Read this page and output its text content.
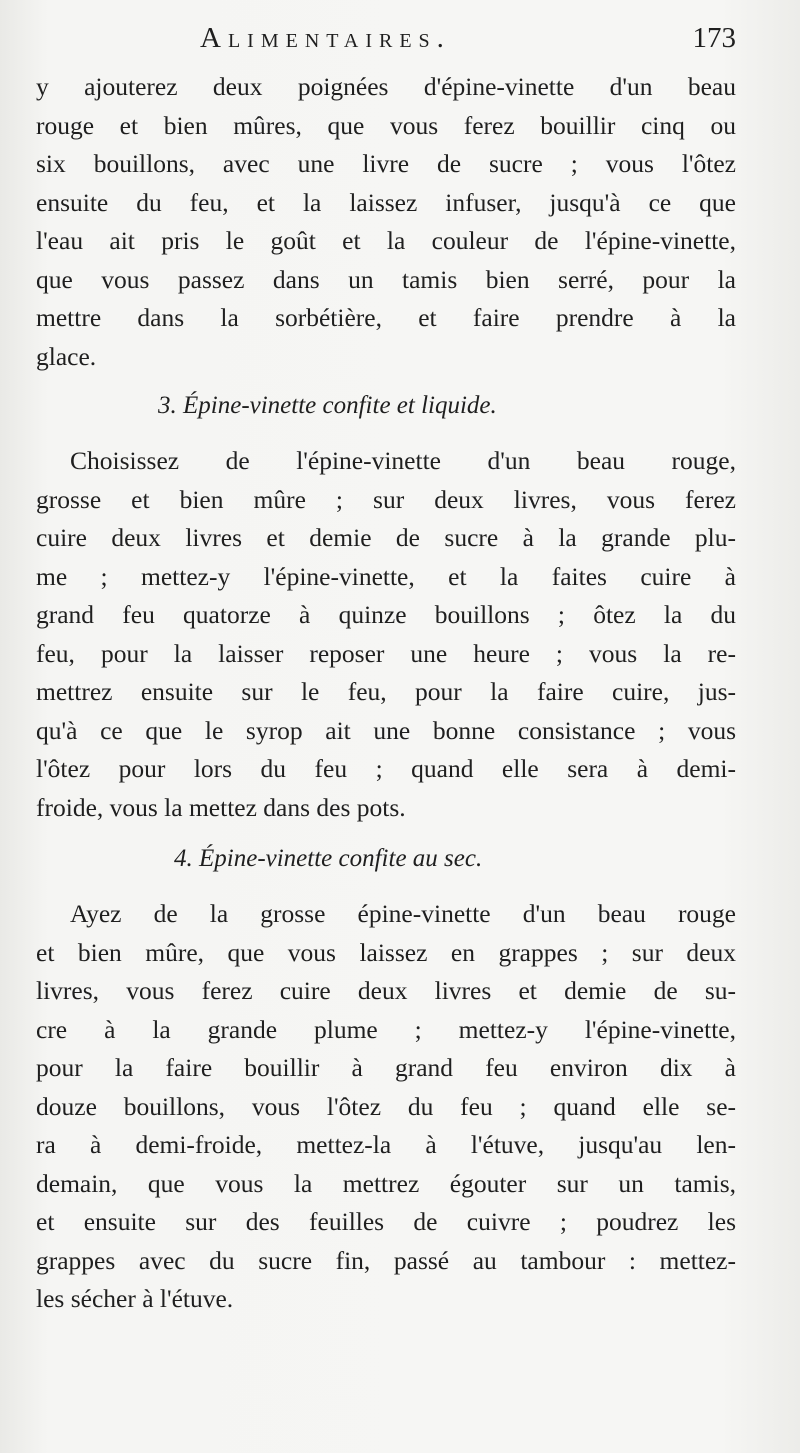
Alimentaires.	173
y ajouterez deux poignées d'épine-vinette d'un beau
rouge et bien mûres, que vous ferez bouillir cinq ou
six bouillons, avec une livre de sucre ; vous l'ôtez
ensuite du feu, et la laissez infuser, jusqu'à ce que
l'eau ait pris le goût et la couleur de l'épine-vinette,
que vous passez dans un tamis bien serré, pour la
mettre dans la sorbétière, et faire prendre à la
glace.
3. Épine-vinette confite et liquide.
Choisissez de l'épine-vinette d'un beau rouge,
grosse et bien mûre ; sur deux livres, vous ferez
cuire deux livres et demie de sucre à la grande plu-
me ; mettez-y l'épine-vinette, et la faites cuire à
grand feu quatorze à quinze bouillons ; ôtez la du
feu, pour la laisser reposer une heure ; vous la re-
mettrez ensuite sur le feu, pour la faire cuire, jus-
qu'à ce que le syrop ait une bonne consistance ; vous
l'ôtez pour lors du feu ; quand elle sera à demi-
froide, vous la mettez dans des pots.
4. Épine-vinette confite au sec.
Ayez de la grosse épine-vinette d'un beau rouge
et bien mûre, que vous laissez en grappes ; sur deux
livres, vous ferez cuire deux livres et demie de su-
cre à la grande plume ; mettez-y l'épine-vinette,
pour la faire bouillir à grand feu environ dix à
douze bouillons, vous l'ôtez du feu ; quand elle se-
ra à demi-froide, mettez-la à l'étuve, jusqu'au len-
demain, que vous la mettrez égouter sur un tamis,
et ensuite sur des feuilles de cuivre ; poudrez les
grappes avec du sucre fin, passé au tambour : mettez-
les sécher à l'étuve.
